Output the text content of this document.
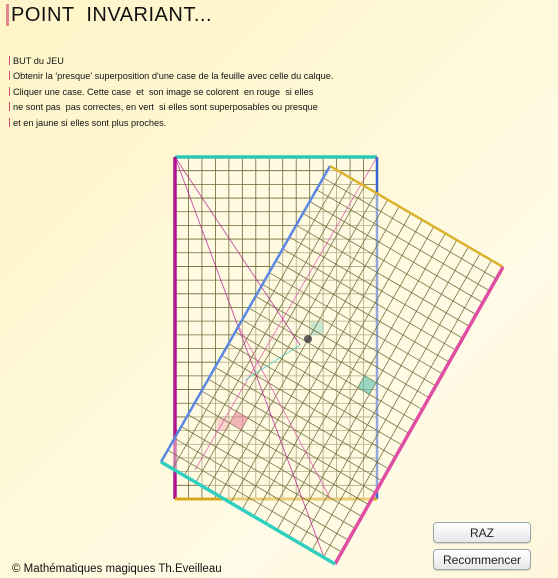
POINT  INVARIANT...
BUT du JEU
Obtenir la 'presque' superposition d'une case de la feuille avec celle du calque.
Cliquer une case. Cette case  et  son image se colorent  en rouge  si elles
ne sont pas  pas correctes, en vert  si elles sont superposables ou presque
et en jaune si elles sont plus proches.
RAZ
Recommencer
© Mathématiques magiques Th.Eveilleau
